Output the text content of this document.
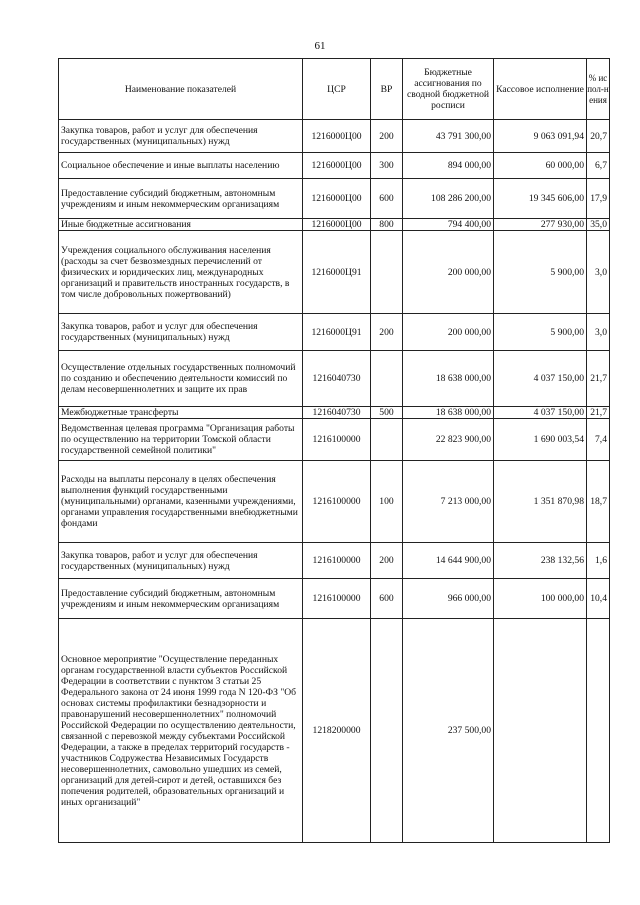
61
Наименование показателей	ЦСР	ВР	Бюджетные ассигнования по сводной бюджетной росписи	Кассовое исполнение	% испол-нения
Закупка товаров, работ и услуг для обеспечения государственных (муниципальных) нужд	1216000Ц00	200	43 791 300,00	9 063 091,94	20,7
Социальное обеспечение и иные выплаты населению	1216000Ц00	300	894 000,00	60 000,00	6,7
Предоставление субсидий бюджетным, автономным учреждениям и иным некоммерческим организациям	1216000Ц00	600	108 286 200,00	19 345 606,00	17,9
Иные бюджетные ассигнования	1216000Ц00	800	794 400,00	277 930,00	35,0
Учреждения социального обслуживания населения (расходы за счет безвозмездных перечислений от физических и юридических лиц, международных организаций и правительств иностранных государств, в том числе добровольных пожертвований)	1216000Ц91		200 000,00	5 900,00	3,0
Закупка товаров, работ и услуг для обеспечения государственных (муниципальных) нужд	1216000Ц91	200	200 000,00	5 900,00	3,0
Осуществление отдельных государственных полномочий по созданию и обеспечению деятельности комиссий по делам несовершеннолетних и защите их прав	1216040730		18 638 000,00	4 037 150,00	21,7
Межбюджетные трансферты	1216040730	500	18 638 000,00	4 037 150,00	21,7
Ведомственная целевая программа "Организация работы по осуществлению на территории Томской области государственной семейной политики"	1216100000		22 823 900,00	1 690 003,54	7,4
Расходы на выплаты персоналу в целях обеспечения выполнения функций государственными (муниципальными) органами, казенными учреждениями, органами управления государственными внебюджетными фондами	1216100000	100	7 213 000,00	1 351 870,98	18,7
Закупка товаров, работ и услуг для обеспечения государственных (муниципальных) нужд	1216100000	200	14 644 900,00	238 132,56	1,6
Предоставление субсидий бюджетным, автономным учреждениям и иным некоммерческим организациям	1216100000	600	966 000,00	100 000,00	10,4
Основное мероприятие "Осуществление переданных органам государственной власти субъектов Российской Федерации в соответствии с пунктом 3 статьи 25 Федерального закона от 24 июня 1999 года N 120-ФЗ "Об основах системы профилактики безнадзорности и правонарушений несовершеннолетних" полномочий Российской Федерации по осуществлению деятельности, связанной с перевозкой между субъектами Российской Федерации, а также в пределах территорий государств - участников Содружества Независимых Государств несовершеннолетних, самовольно ушедших из семей, организаций для детей-сирот и детей, оставшихся без попечения родителей, образовательных организаций и иных организаций"	1218200000		237 500,00		
